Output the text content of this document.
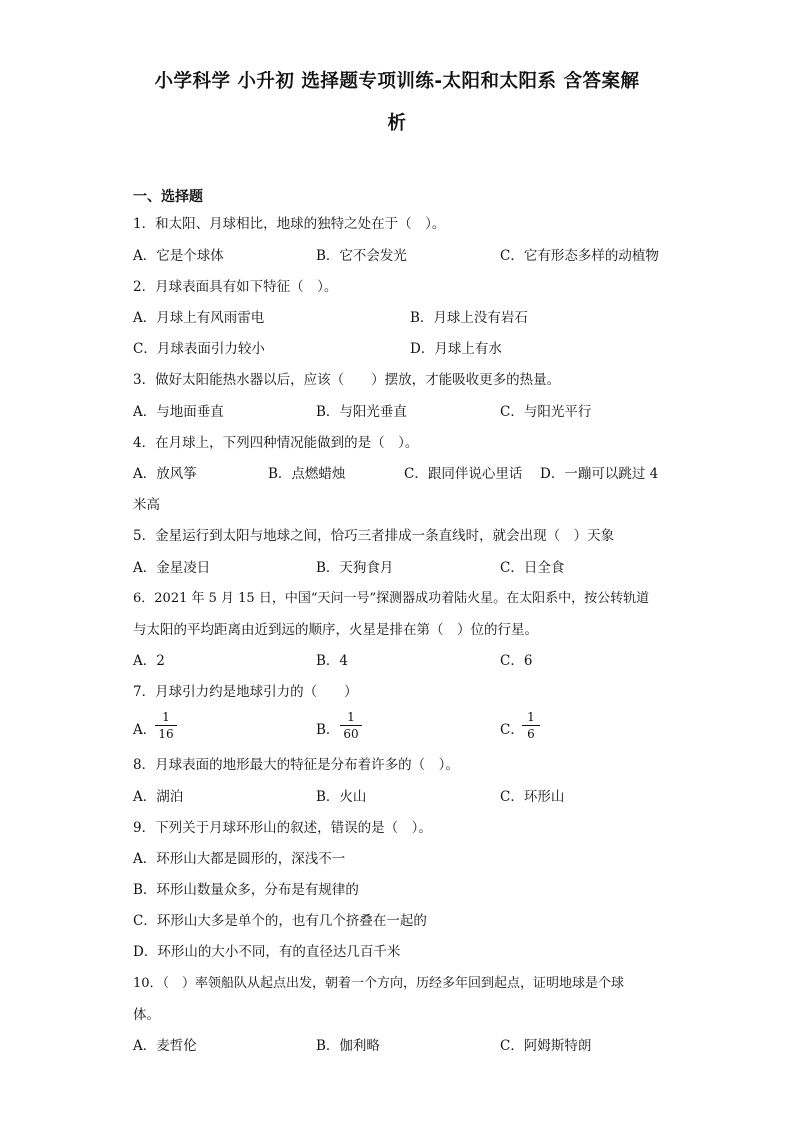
小学科学 小升初 选择题专项训练-太阳和太阳系 含答案解
析
一、选择题
1．和太阳、月球相比，地球的独特之处在于（　）。
A．它是个球体	B．它不会发光	C．它有形态多样的动植物
2．月球表面具有如下特征（　）。
A．月球上有风雨雷电	B．月球上没有岩石
C．月球表面引力较小	D．月球上有水
3．做好太阳能热水器以后，应该（　　）摆放，才能吸收更多的热量。
A．与地面垂直	B．与阳光垂直	C．与阳光平行
4．在月球上，下列四种情况能做到的是（　）。
A．放风筝	B．点燃蜡烛	C．跟同伴说心里话 D．一蹦可以跳过 4
米高
5．金星运行到太阳与地球之间，恰巧三者排成一条直线时，就会出现（　）天象
A．金星凌日	B．天狗食月	C．日全食
6．2021 年 5 月 15 日，中国“天问一号”探测器成功着陆火星。在太阳系中，按公转轨道
与太阳的平均距离由近到远的顺序，火星是排在第（　）位的行星。
A．2	B．4	C．6
7．月球引力约是地球引力的（　　）
A．
$\frac{1}{16}$	B． $\frac{1}{60}$	C．
$\frac{1}{6}$
8．月球表面的地形最大的特征是分布着许多的（　）。
A．湖泊	B．火山	C．环形山
9．下列关于月球环形山的叙述，错误的是（　）。
A．环形山大都是圆形的，深浅不一
B．环形山数量众多，分布是有规律的
C．环形山大多是单个的，也有几个挤叠在一起的
D．环形山的大小不同，有的直径达几百千米
10．（　）率领船队从起点出发，朝着一个方向，历经多年回到起点，证明地球是个球
体。
A．麦哲伦	B．伽利略	C．阿姆斯特朗
